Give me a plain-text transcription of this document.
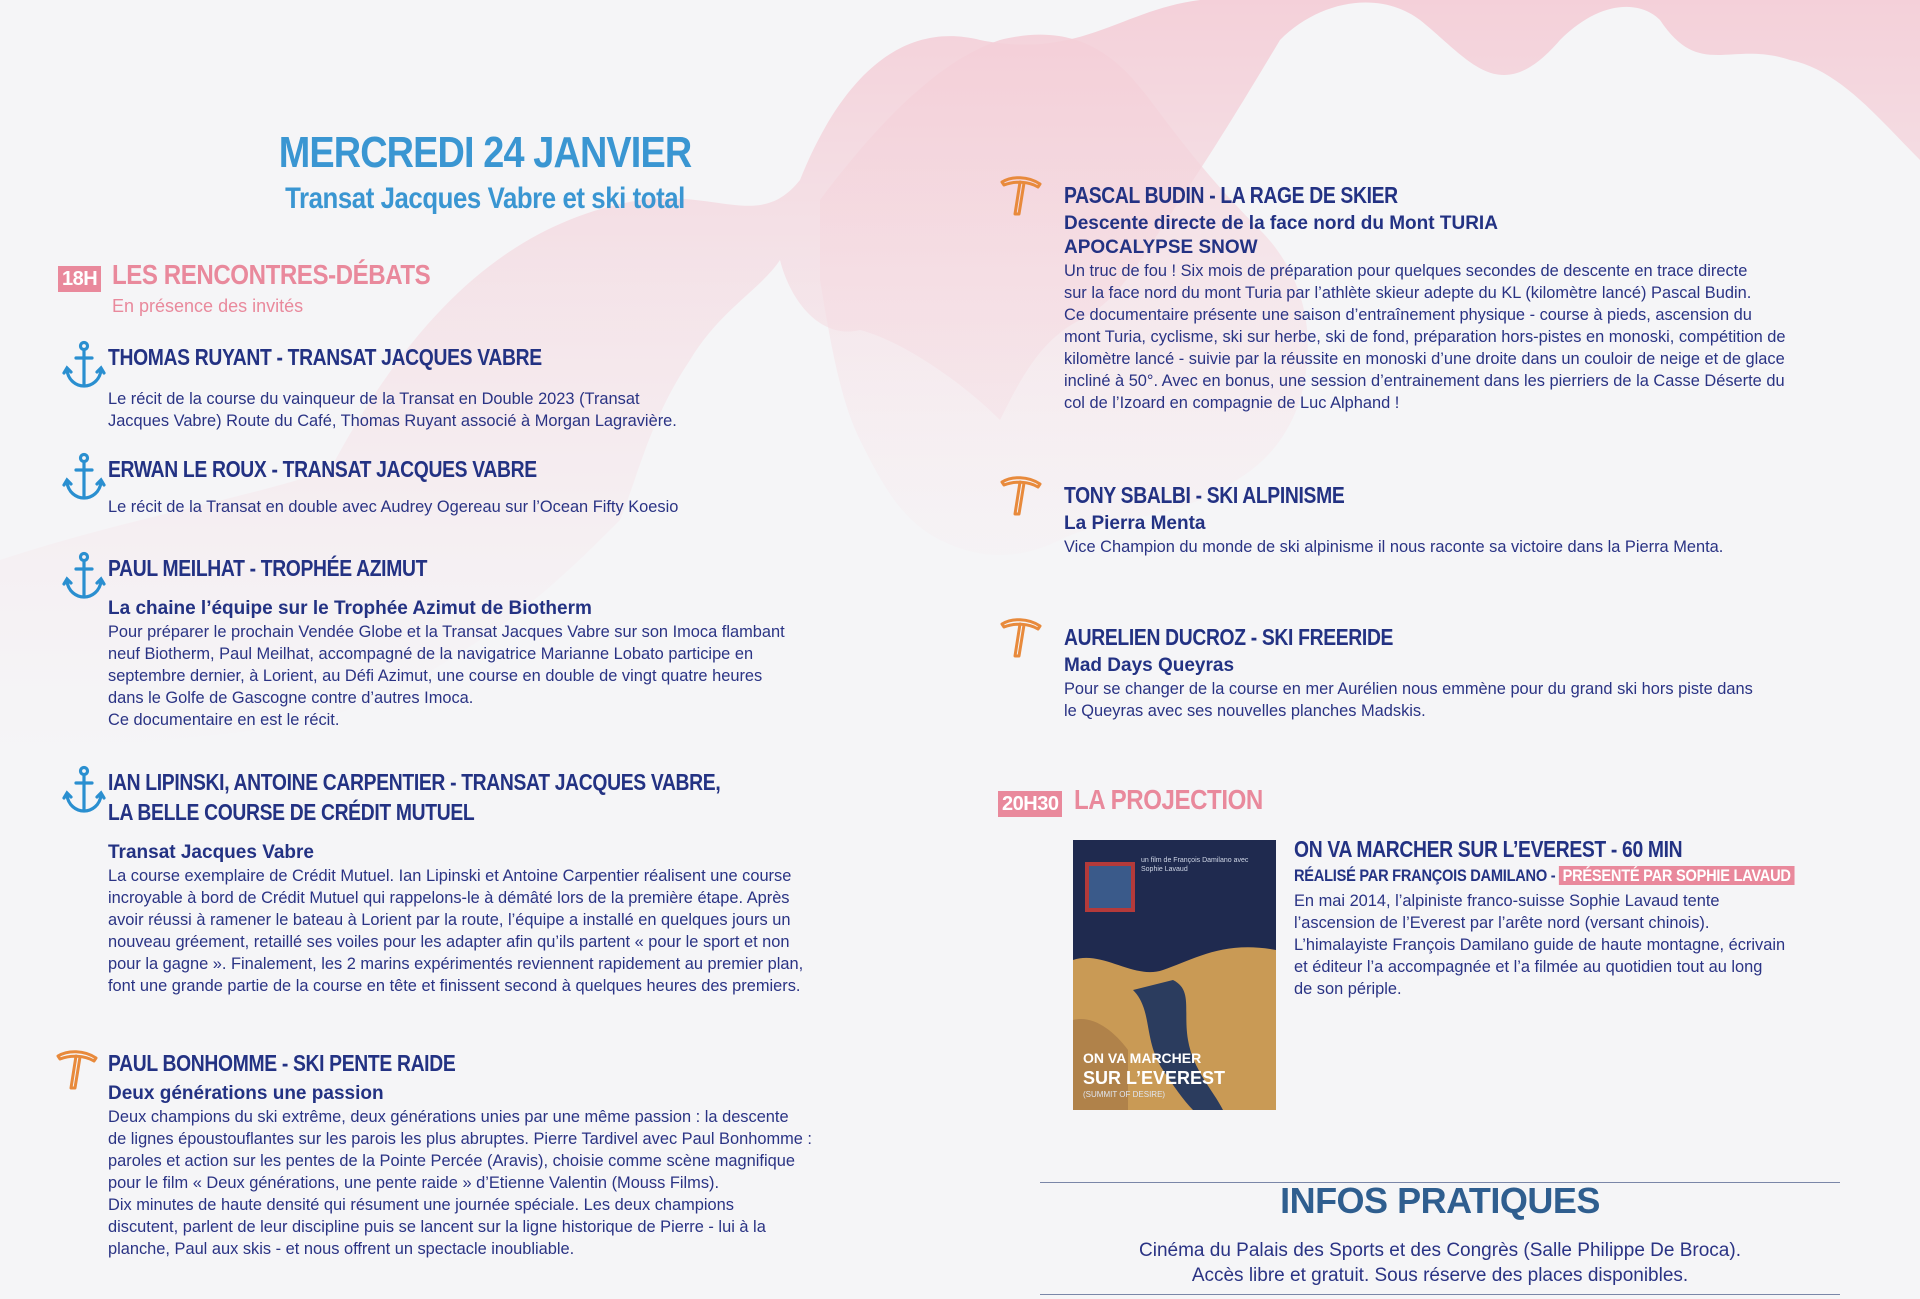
MERCREDI 24 JANVIER
Transat Jacques Vabre et ski total
18H LES RENCONTRES-DÉBATS
En présence des invités
THOMAS RUYANT - TRANSAT JACQUES VABRE
Le récit de la course du vainqueur de la Transat en Double 2023 (Transat
Jacques Vabre) Route du Café, Thomas Ruyant associé à Morgan Lagravière.
ERWAN LE ROUX - TRANSAT JACQUES VABRE
Le récit de la Transat en double avec Audrey Ogereau sur l’Ocean Fifty Koesio
PAUL MEILHAT - TROPHÉE AZIMUT
La chaine l’équipe sur le Trophée Azimut de Biotherm
Pour préparer le prochain Vendée Globe et la Transat Jacques Vabre sur son Imoca flambant
neuf Biotherm, Paul Meilhat, accompagné de la navigatrice Marianne Lobato participe en
septembre dernier, à Lorient, au Défi Azimut, une course en double de vingt quatre heures
dans le Golfe de Gascogne contre d’autres Imoca.
Ce documentaire en est le récit.
IAN LIPINSKI, ANTOINE CARPENTIER - TRANSAT JACQUES VABRE,
LA BELLE COURSE DE CRÉDIT MUTUEL
Transat Jacques Vabre
La course exemplaire de Crédit Mutuel. Ian Lipinski et Antoine Carpentier réalisent une course
incroyable à bord de Crédit Mutuel qui rappelons-le à démâté lors de la première étape. Après
avoir réussi à ramener le bateau à Lorient par la route, l’équipe a installé en quelques jours un
nouveau gréement, retaillé ses voiles pour les adapter afin qu’ils partent « pour le sport et non
pour la gagne ». Finalement, les 2 marins expérimentés reviennent rapidement au premier plan,
font une grande partie de la course en tête et finissent second à quelques heures des premiers.
PAUL BONHOMME - SKI PENTE RAIDE
Deux générations une passion
Deux champions du ski extrême, deux générations unies par une même passion : la descente
de lignes époustouflantes sur les parois les plus abruptes. Pierre Tardivel avec Paul Bonhomme :
paroles et action sur les pentes de la Pointe Percée (Aravis), choisie comme scène magnifique
pour le film « Deux générations, une pente raide » d’Etienne Valentin (Mouss Films).
Dix minutes de haute densité qui résument une journée spéciale. Les deux champions
discutent, parlent de leur discipline puis se lancent sur la ligne historique de Pierre - lui à la
planche, Paul aux skis - et nous offrent un spectacle inoubliable.
PASCAL BUDIN - LA RAGE DE SKIER
Descente directe de la face nord du Mont TURIA
APOCALYPSE SNOW
Un truc de fou ! Six mois de préparation pour quelques secondes de descente en trace directe
sur la face nord du mont Turia par l’athlète skieur adepte du KL (kilomètre lancé) Pascal Budin.
Ce documentaire présente une saison d’entraînement physique - course à pieds, ascension du
mont Turia, cyclisme, ski sur herbe, ski de fond, préparation hors-pistes en monoski, compétition de
kilomètre lancé - suivie par la réussite en monoski d’une droite dans un couloir de neige et de glace
incliné à 50°. Avec en bonus, une session d’entrainement dans les pierriers de la Casse Déserte du
col de l’Izoard en compagnie de Luc Alphand !
TONY SBALBI - SKI ALPINISME
La Pierra Menta
Vice Champion du monde de ski alpinisme il nous raconte sa victoire dans la Pierra Menta.
AURELIEN DUCROZ - SKI FREERIDE
Mad Days Queyras
Pour se changer de la course en mer Aurélien nous emmène pour du grand ski hors piste dans
le Queyras avec ses nouvelles planches Madskis.
20H30 LA PROJECTION
un film de François Damilano avec Sophie Lavaud
ON VA MARCHER
SUR L’EVEREST
(SUMMIT OF DESIRE)
ON VA MARCHER SUR L’EVEREST - 60 MIN
RÉALISÉ PAR FRANÇOIS DAMILANO - PRÉSENTÉ PAR SOPHIE LAVAUD
En mai 2014, l’alpiniste franco-suisse Sophie Lavaud tente
l’ascension de l’Everest par l’arête nord (versant chinois).
L’himalayiste François Damilano guide de haute montagne, écrivain
et éditeur l’a accompagnée et l’a filmée au quotidien tout au long
de son périple.
INFOS PRATIQUES
Cinéma du Palais des Sports et des Congrès (Salle Philippe De Broca).
Accès libre et gratuit. Sous réserve des places disponibles.
